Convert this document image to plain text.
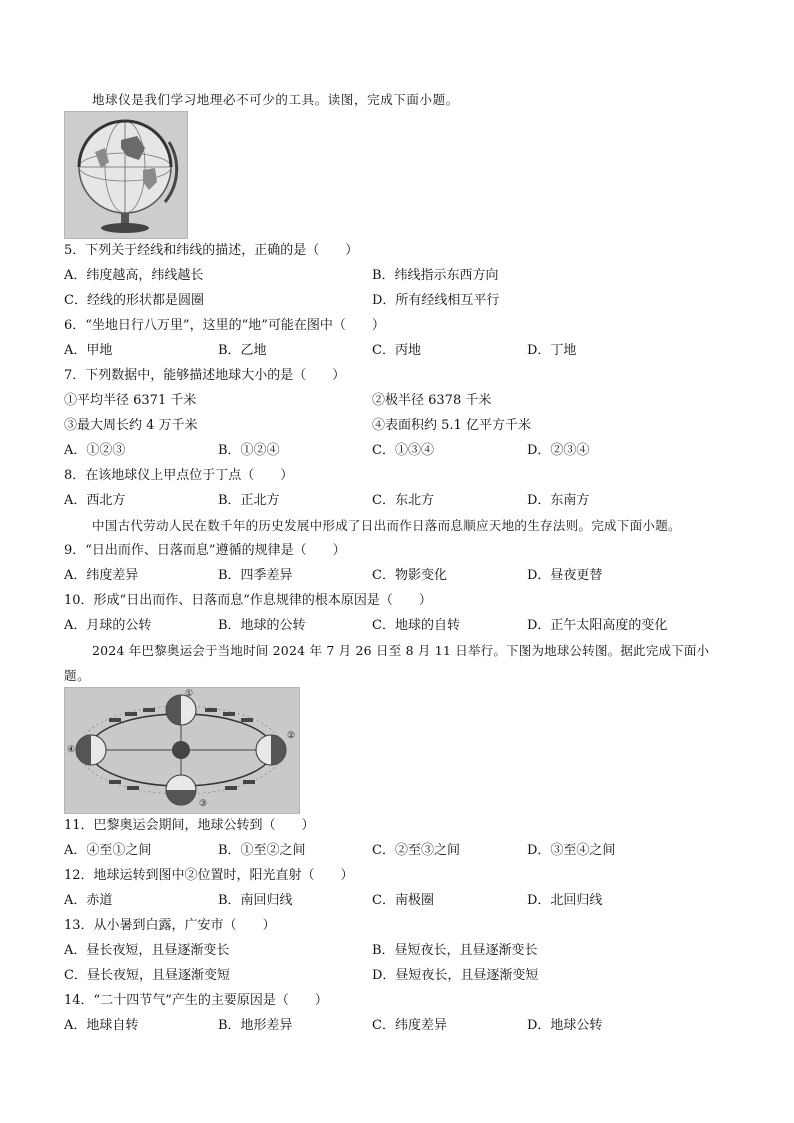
地球仪是我们学习地理必不可少的工具。读图，完成下面小题。
5．下列关于经线和纬线的描述，正确的是（　　）
A．纬度越高，纬线越长	B．纬线指示东西方向
C．经线的形状都是圆圈	D．所有经线相互平行
6．“坐地日行八万里”，这里的“地”可能在图中（　　）
A．甲地	B．乙地	C．丙地	D．丁地
7．下列数据中，能够描述地球大小的是（　　）
①平均半径 6371 千米	②极半径 6378 千米
③最大周长约 4 万千米	④表面积约 5.1 亿平方千米
A．①②③	B．①②④	C．①③④	D．②③④
8．在该地球仪上甲点位于丁点（　　）
A．西北方	B．正北方	C．东北方	D．东南方
中国古代劳动人民在数千年的历史发展中形成了日出而作日落而息顺应天地的生存法则。完成下面小题。
9．“日出而作、日落而息”遵循的规律是（　　）
A．纬度差异	B．四季差异	C．物影变化	D．昼夜更替
10．形成“日出而作、日落而息”作息规律的根本原因是（　　）
A．月球的公转	B．地球的公转	C．地球的自转	D．正午太阳高度的变化
2024 年巴黎奥运会于当地时间 2024 年 7 月 26 日至 8 月 11 日举行。下图为地球公转图。据此完成下面小
题。
①
④
②
③
11．巴黎奥运会期间，地球公转到（　　）
A．④至①之间	B．①至②之间	C．②至③之间	D．③至④之间
12．地球运转到图中②位置时，阳光直射（　　）
A．赤道	B．南回归线	C．南极圈	D．北回归线
13．从小暑到白露，广安市（　　）
A．昼长夜短，且昼逐渐变长	B．昼短夜长，且昼逐渐变长
C．昼长夜短，且昼逐渐变短	D．昼短夜长，且昼逐渐变短
14．“二十四节气”产生的主要原因是（　　）
A．地球自转	B．地形差异	C．纬度差异	D．地球公转
